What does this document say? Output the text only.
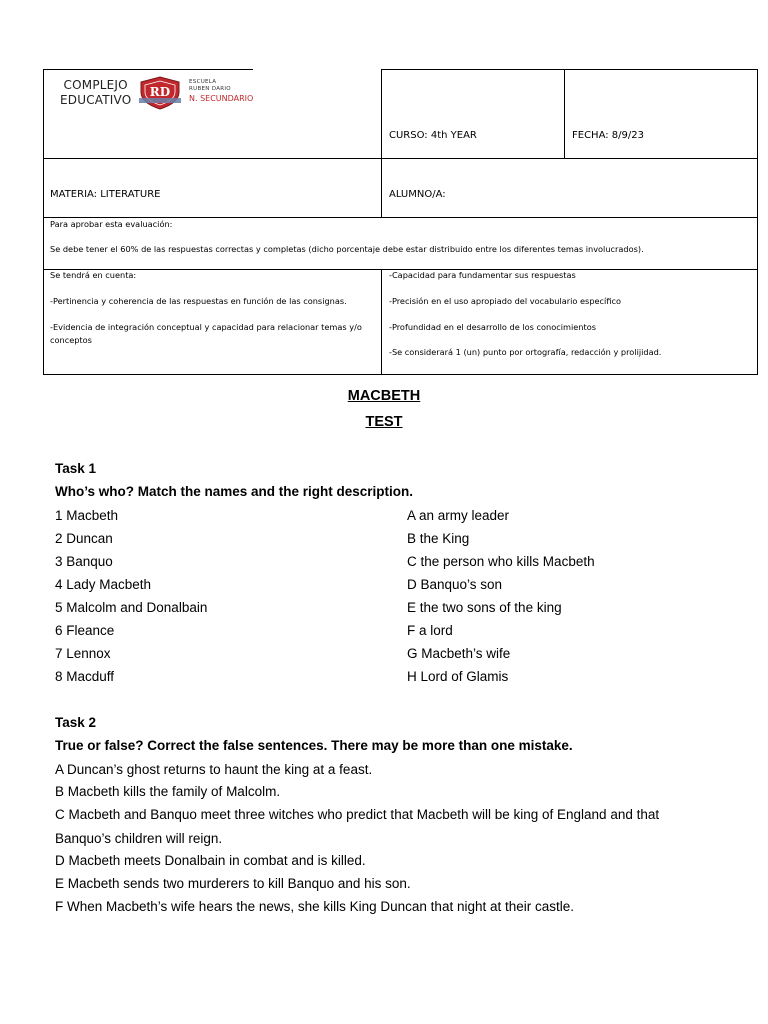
COMPLEJO
EDUCATIVO
RD
ESCUELA
RUBEN DARIO
N. SECUNDARIO
CURSO: 4th YEAR	FECHA: 8/9/23
MATERIA: LITERATURE	ALUMNO/A:
Para aprobar esta evaluación:
Se debe tener el 60% de las respuestas correctas y completas (dicho porcentaje debe estar distribuido entre los diferentes temas involucrados).
Se tendrá en cuenta:
-Pertinencia y coherencia de las respuestas en función de las consignas.
-Evidencia de integración conceptual y capacidad para relacionar temas y/o
conceptos
-Capacidad para fundamentar sus respuestas
-Precisión en el uso apropiado del vocabulario específico
-Profundidad en el desarrollo de los conocimientos
-Se considerará 1 (un) punto por ortografía, redacción y prolijidad.
MACBETH
TEST
Task 1
Who’s who? Match the names and the right description.
1 Macbeth
2 Duncan
3 Banquo
4 Lady Macbeth
5 Malcolm and Donalbain
6 Fleance
7 Lennox
8 Macduff
A an army leader
B the King
C the person who kills Macbeth
D Banquo’s son
E the two sons of the king
F a lord
G Macbeth’s wife
H Lord of Glamis
Task 2
True or false? Correct the false sentences. There may be more than one mistake.
A Duncan’s ghost returns to haunt the king at a feast.
B Macbeth kills the family of Malcolm.
C Macbeth and Banquo meet three witches who predict that Macbeth will be king of England and that
Banquo’s children will reign.
D Macbeth meets Donalbain in combat and is killed.
E Macbeth sends two murderers to kill Banquo and his son.
F When Macbeth’s wife hears the news, she kills King Duncan that night at their castle.
